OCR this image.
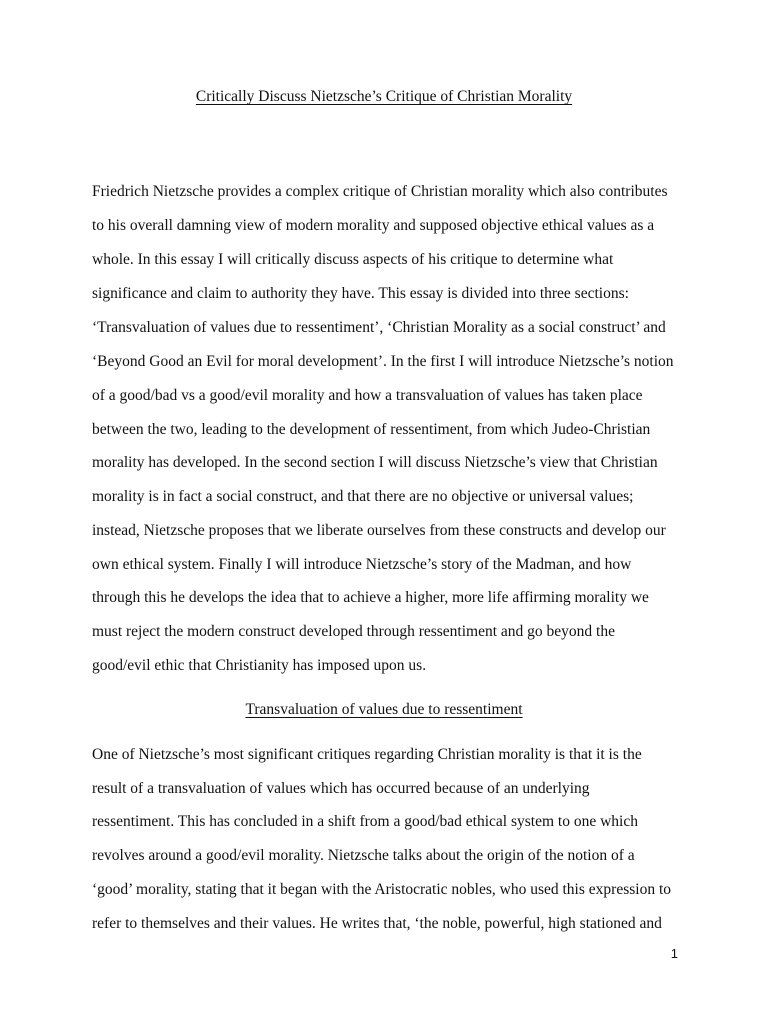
Critically Discuss Nietzsche’s Critique of Christian Morality
Friedrich Nietzsche provides a complex critique of Christian morality which also contributes
to his overall damning view of modern morality and supposed objective ethical values as a
whole. In this essay I will critically discuss aspects of his critique to determine what
significance and claim to authority they have. This essay is divided into three sections:
‘Transvaluation of values due to ressentiment’, ‘Christian Morality as a social construct’ and
‘Beyond Good an Evil for moral development’. In the first I will introduce Nietzsche’s notion
of a good/bad vs a good/evil morality and how a transvaluation of values has taken place
between the two, leading to the development of ressentiment, from which Judeo-Christian
morality has developed. In the second section I will discuss Nietzsche’s view that Christian
morality is in fact a social construct, and that there are no objective or universal values;
instead, Nietzsche proposes that we liberate ourselves from these constructs and develop our
own ethical system. Finally I will introduce Nietzsche’s story of the Madman, and how
through this he develops the idea that to achieve a higher, more life affirming morality we
must reject the modern construct developed through ressentiment and go beyond the
good/evil ethic that Christianity has imposed upon us.
Transvaluation of values due to ressentiment
One of Nietzsche’s most significant critiques regarding Christian morality is that it is the
result of a transvaluation of values which has occurred because of an underlying
ressentiment. This has concluded in a shift from a good/bad ethical system to one which
revolves around a good/evil morality. Nietzsche talks about the origin of the notion of a
‘good’ morality, stating that it began with the Aristocratic nobles, who used this expression to
refer to themselves and their values. He writes that, ‘the noble, powerful, high stationed and
1
